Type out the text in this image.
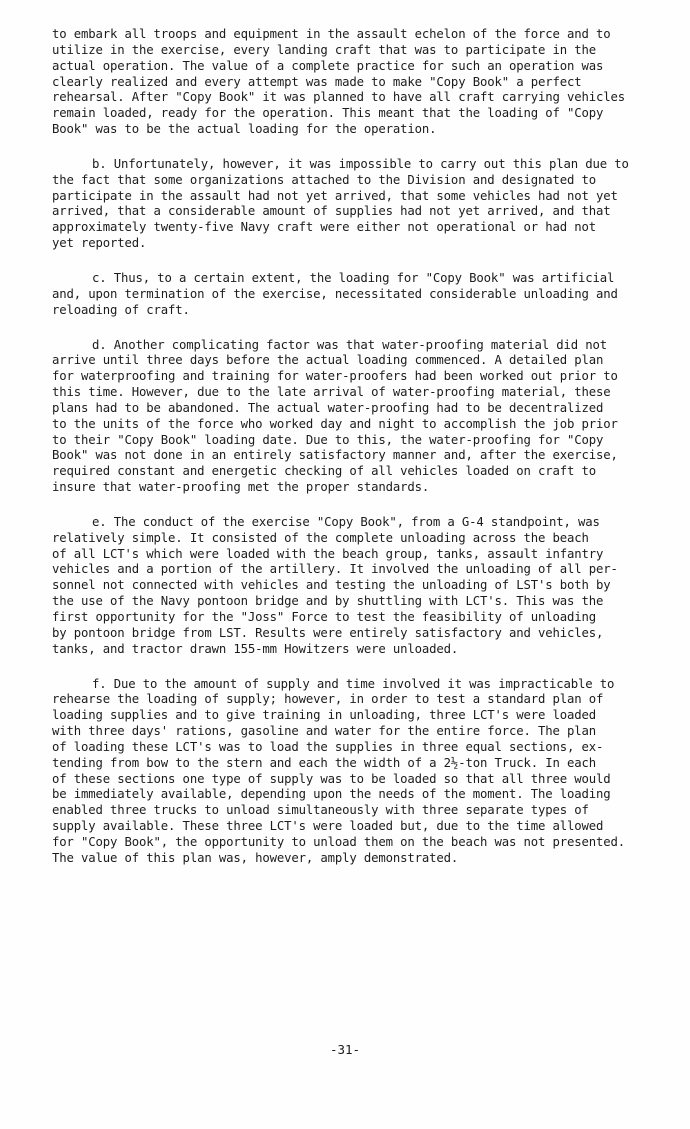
to embark all troops and equipment in the assault echelon of the force and to
utilize in the exercise, every landing craft that was to participate in the
actual operation. The value of a complete practice for such an operation was
clearly realized and every attempt was made to make "Copy Book" a perfect
rehearsal. After "Copy Book" it was planned to have all craft carrying vehicles
remain loaded, ready for the operation. This meant that the loading of "Copy
Book" was to be the actual loading for the operation.

b. Unfortunately, however, it was impossible to carry out this plan due to
the fact that some organizations attached to the Division and designated to
participate in the assault had not yet arrived, that some vehicles had not yet
arrived, that a considerable amount of supplies had not yet arrived, and that
approximately twenty-five Navy craft were either not operational or had not
yet reported.

c. Thus, to a certain extent, the loading for "Copy Book" was artificial
and, upon termination of the exercise, necessitated considerable unloading and
reloading of craft.

d. Another complicating factor was that water-proofing material did not
arrive until three days before the actual loading commenced. A detailed plan
for waterproofing and training for water-proofers had been worked out prior to
this time. However, due to the late arrival of water-proofing material, these
plans had to be abandoned. The actual water-proofing had to be decentralized
to the units of the force who worked day and night to accomplish the job prior
to their "Copy Book" loading date. Due to this, the water-proofing for "Copy
Book" was not done in an entirely satisfactory manner and, after the exercise,
required constant and energetic checking of all vehicles loaded on craft to
insure that water-proofing met the proper standards.

e. The conduct of the exercise "Copy Book", from a G-4 standpoint, was
relatively simple. It consisted of the complete unloading across the beach
of all LCT's which were loaded with the beach group, tanks, assault infantry
vehicles and a portion of the artillery. It involved the unloading of all per-
sonnel not connected with vehicles and testing the unloading of LST's both by
the use of the Navy pontoon bridge and by shuttling with LCT's. This was the
first opportunity for the "Joss" Force to test the feasibility of unloading
by pontoon bridge from LST. Results were entirely satisfactory and vehicles,
tanks, and tractor drawn 155-mm Howitzers were unloaded.

f. Due to the amount of supply and time involved it was impracticable to
rehearse the loading of supply; however, in order to test a standard plan of
loading supplies and to give training in unloading, three LCT's were loaded
with three days' rations, gasoline and water for the entire force. The plan
of loading these LCT's was to load the supplies in three equal sections, ex-
tending from bow to the stern and each the width of a 2½-ton Truck. In each
of these sections one type of supply was to be loaded so that all three would
be immediately available, depending upon the needs of the moment. The loading
enabled three trucks to unload simultaneously with three separate types of
supply available. These three LCT's were loaded but, due to the time allowed
for "Copy Book", the opportunity to unload them on the beach was not presented.
The value of this plan was, however, amply demonstrated.

-31-
